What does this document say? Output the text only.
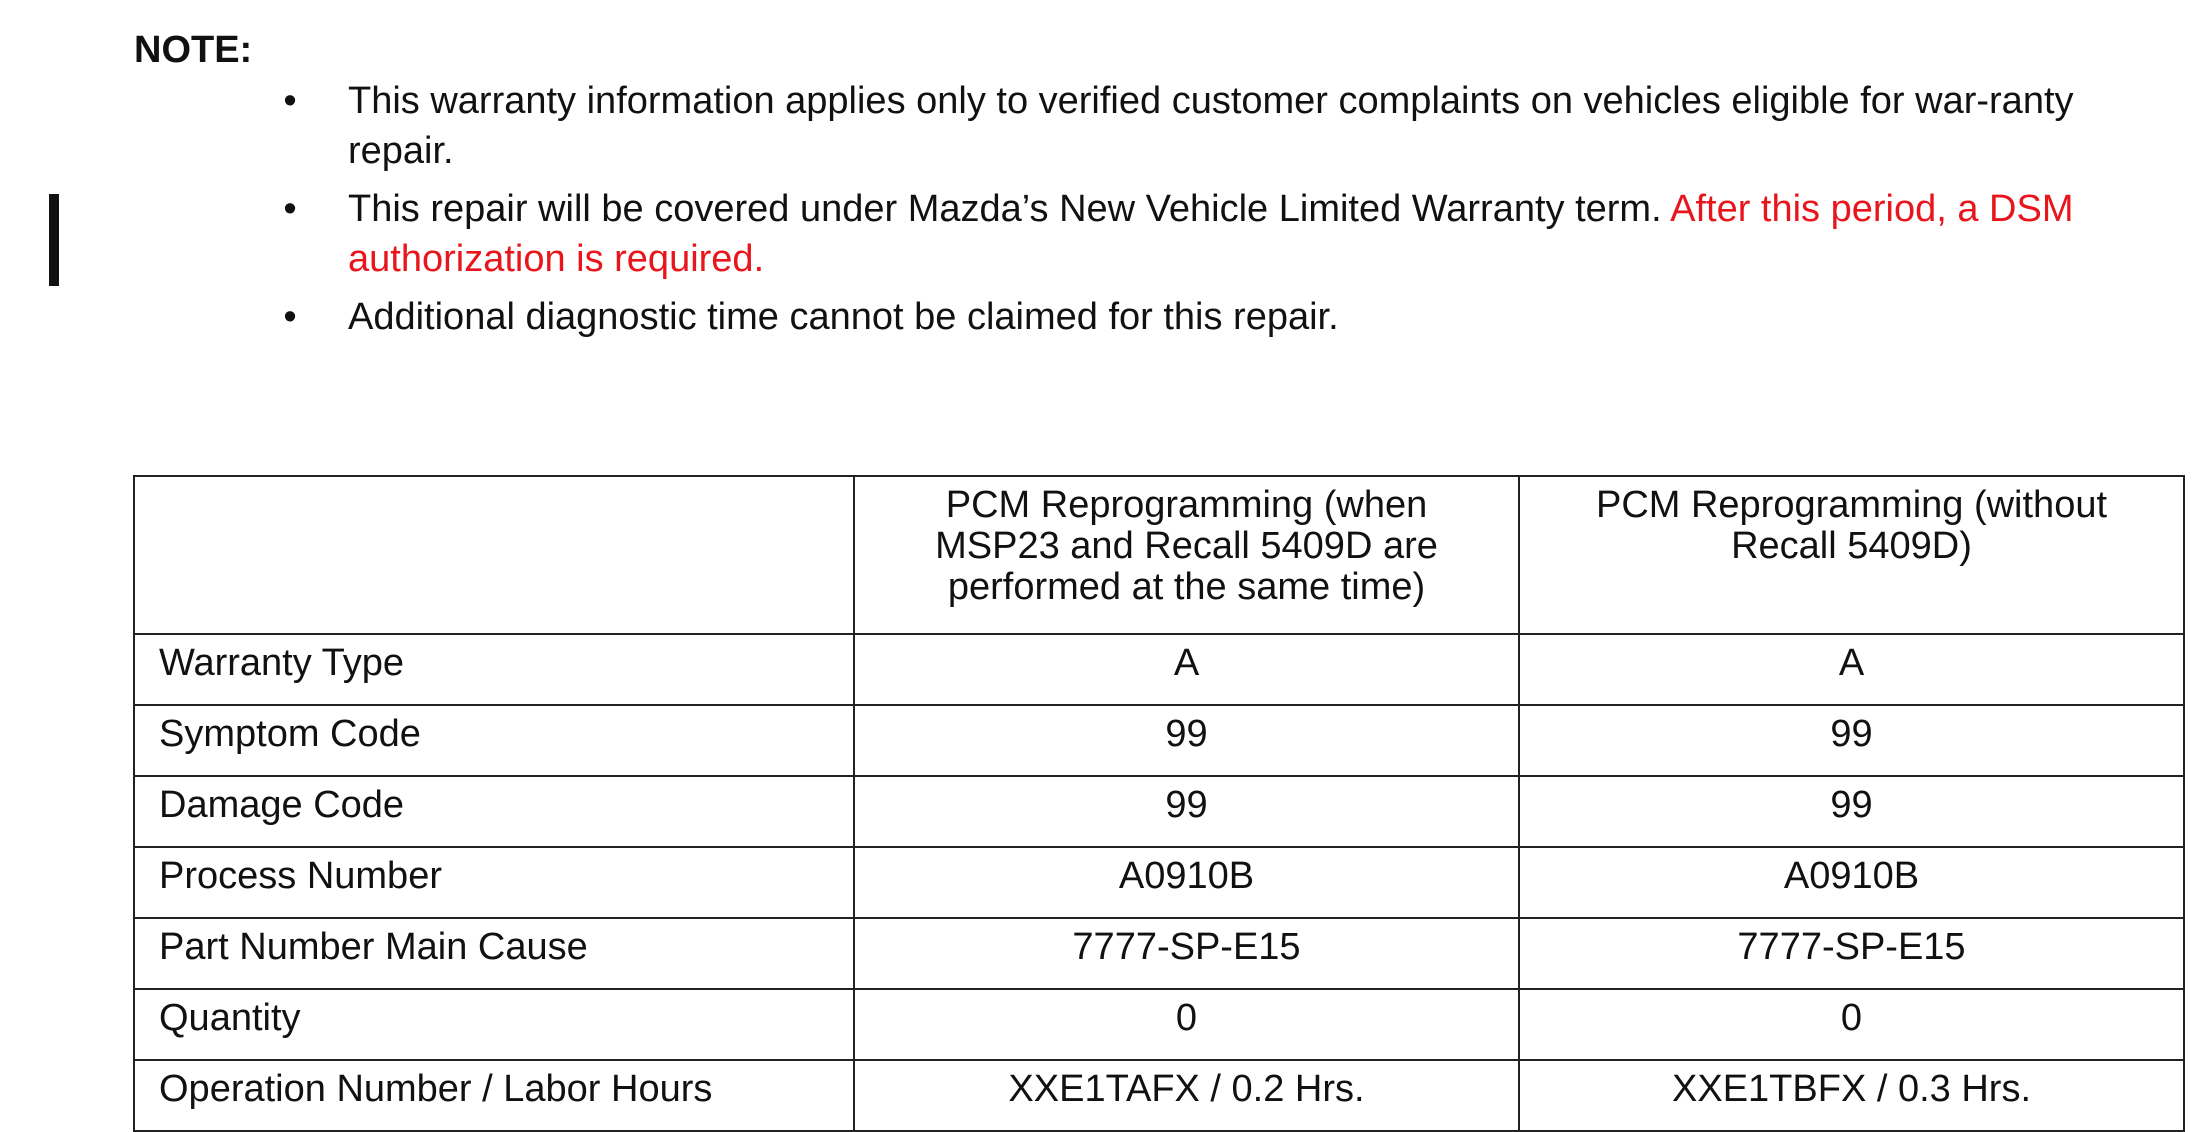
NOTE:

• This warranty information applies only to verified customer complaints on vehicles eligible for war-ranty repair.
• This repair will be covered under Mazda’s New Vehicle Limited Warranty term. After this period, a DSM authorization is required.
• Additional diagnostic time cannot be claimed for this repair.
	PCM Reprogramming (when MSP23 and Recall 5409D are performed at the same time)	PCM Reprogramming (without Recall 5409D)
Warranty Type	A	A
Symptom Code	99	99
Damage Code	99	99
Process Number	A0910B	A0910B
Part Number Main Cause	7777-SP-E15	7777-SP-E15
Quantity	0	0
Operation Number / Labor Hours	XXE1TAFX / 0.2 Hrs.	XXE1TBFX / 0.3 Hrs.
